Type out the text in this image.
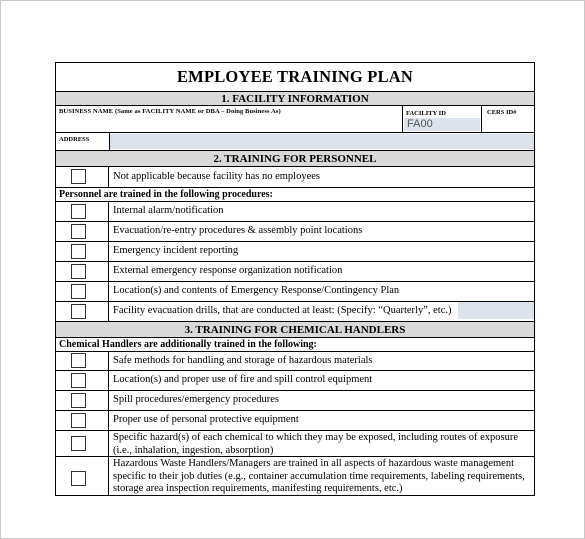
EMPLOYEE TRAINING PLAN
1. FACILITY INFORMATION
BUSINESS NAME (Same as FACILITY NAME or DBA – Doing Business As)	FACILITY ID
FA00
CERS ID#
ADDRESS
2. TRAINING FOR PERSONNEL
Not applicable because facility has no employees
Personnel are trained in the following procedures:
Internal alarm/notification
Evacuation/re-entry procedures & assembly point locations
Emergency incident reporting
External emergency response organization notification
Location(s) and contents of Emergency Response/Contingency Plan
Facility evacuation drills, that are conducted at least: (Specify: “Quarterly”, etc.)
3. TRAINING FOR CHEMICAL HANDLERS
Chemical Handlers are additionally trained in the following:
Safe methods for handling and storage of hazardous materials
Location(s) and proper use of fire and spill control equipment
Spill procedures/emergency procedures
Proper use of personal protective equipment
Specific hazard(s) of each chemical to which they may be exposed, including routes of exposure (i.e., inhalation, ingestion, absorption)
Hazardous Waste Handlers/Managers are trained in all aspects of hazardous waste management specific to their job duties (e.g., container accumulation time requirements, labeling requirements, storage area inspection requirements, manifesting requirements, etc.)
